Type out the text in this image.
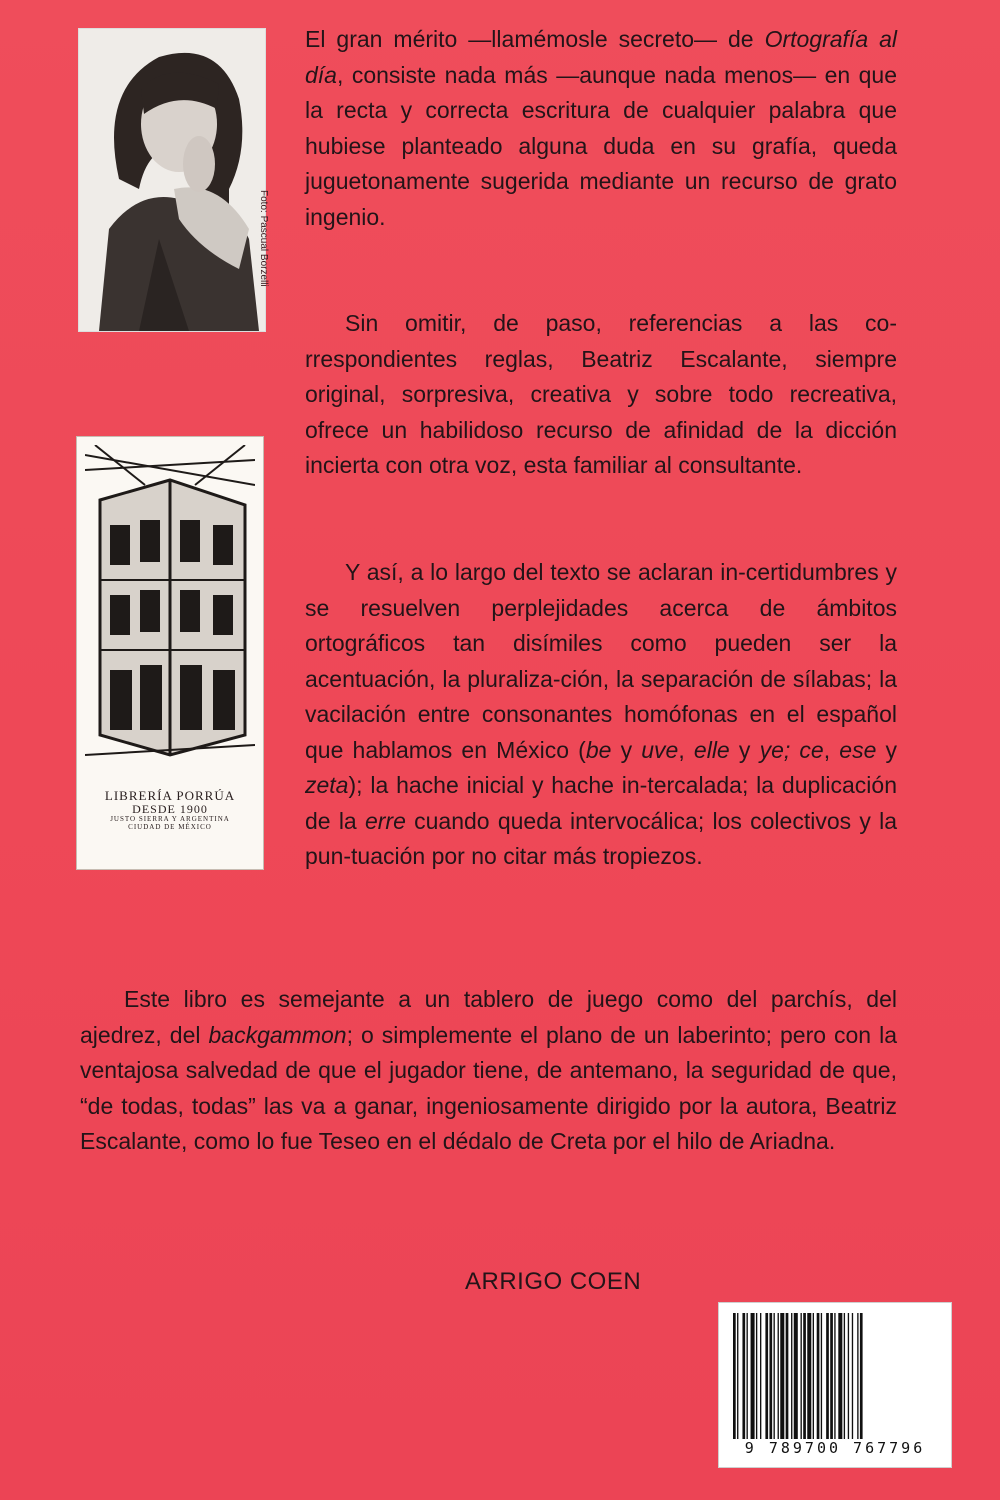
Foto: Pascual Borzelli
LIBRERÍA PORRÚA
DESDE 1900
JUSTO SIERRA Y ARGENTINA
CIUDAD DE MÉXICO

El gran mérito —llamémosle secreto— de Ortografía al día, consiste nada más —aunque nada menos— en que la recta y correcta escritura de cualquier palabra que hubiese planteado alguna duda en su grafía, queda juguetonamente sugerida mediante un recurso de grato ingenio.

Sin omitir, de paso, referencias a las co-rrespondientes reglas, Beatriz Escalante, siempre original, sorpresiva, creativa y sobre todo recreativa, ofrece un habilidoso recurso de afinidad de la dicción incierta con otra voz, esta familiar al consultante.

Y así, a lo largo del texto se aclaran in-certidumbres y se resuelven perplejidades acerca de ámbitos ortográficos tan disímiles como pueden ser la acentuación, la pluraliza-ción, la separación de sílabas; la vacilación entre consonantes homófonas en el español que hablamos en México (be y uve, elle y ye; ce, ese y zeta); la hache inicial y hache in-tercalada; la duplicación de la erre cuando queda intervocálica; los colectivos y la pun-tuación por no citar más tropiezos.

Este libro es semejante a un tablero de juego como del parchís, del ajedrez, del backgammon; o simplemente el plano de un laberinto; pero con la ventajosa salvedad de que el jugador tiene, de antemano, la seguridad de que, “de todas, todas” las va a ganar, ingeniosamente dirigido por la autora, Beatriz Escalante, como lo fue Teseo en el dédalo de Creta por el hilo de Ariadna.

ARRIGO COEN
9 789700 767796
